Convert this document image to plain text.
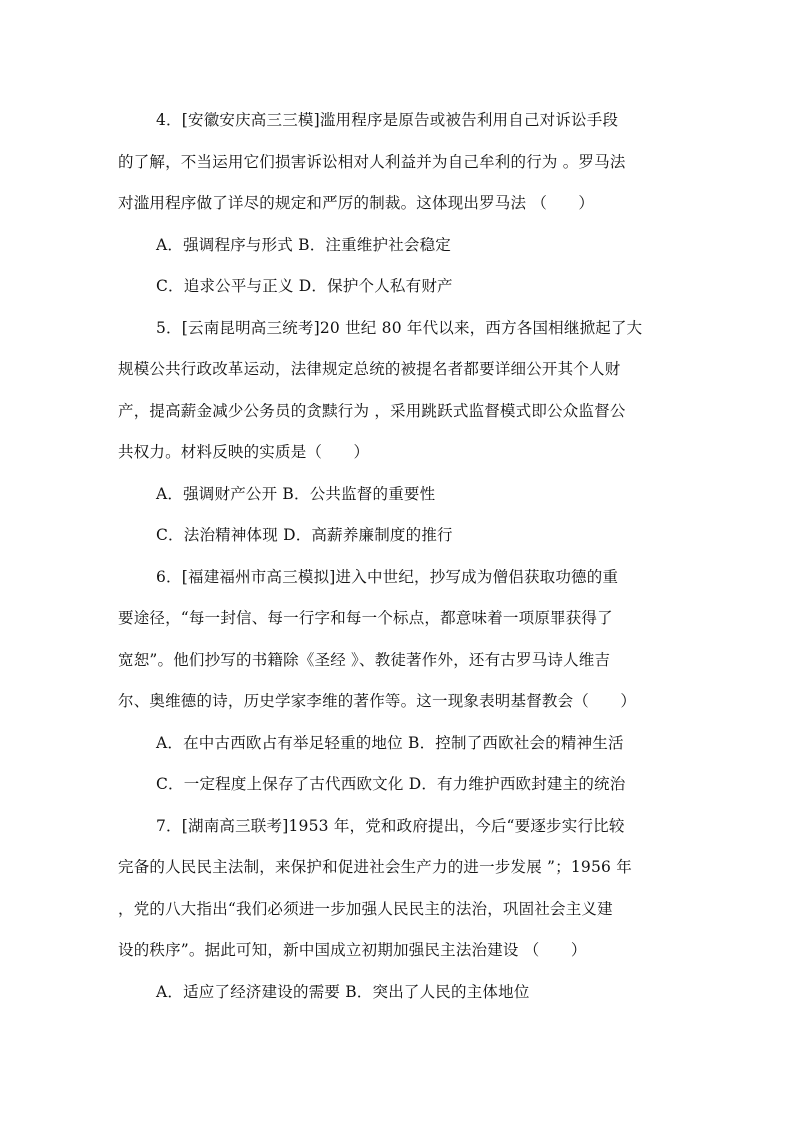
4．[安徽安庆高三三模]滥用程序是原告或被告利用自己对诉讼手段
的了解，不当运用它们损害诉讼相对人利益并为自己牟利的行为 。罗马法
对滥用程序做了详尽的规定和严厉的制裁。这体现出罗马法 （　　）
A．强调程序与形式 B．注重维护社会稳定
C．追求公平与正义 D．保护个人私有财产
5．[云南昆明高三统考]20 世纪 80 年代以来，西方各国相继掀起了大
规模公共行政改革运动，法律规定总统的被提名者都要详细公开其个人财
产，提高薪金减少公务员的贪黩行为 ，采用跳跃式监督模式即公众监督公
共权力。材料反映的实质是（　　）
A．强调财产公开 B．公共监督的重要性
C．法治精神体现 D．高薪养廉制度的推行
6．[福建福州市高三模拟]进入中世纪，抄写成为僧侣获取功德的重
要途径，“每一封信、每一行字和每一个标点，都意味着一项原罪获得了
宽恕”。他们抄写的书籍除《圣经 》、教徒著作外，还有古罗马诗人维吉
尔、奥维德的诗，历史学家李维的著作等。这一现象表明基督教会（　　）
A．在中古西欧占有举足轻重的地位 B．控制了西欧社会的精神生活
C．一定程度上保存了古代西欧文化 D．有力维护西欧封建主的统治
7．[湖南高三联考]1953 年，党和政府提出，今后“要逐步实行比较
完备的人民民主法制，来保护和促进社会生产力的进一步发展 ”；1956 年
，党的八大指出“我们必须进一步加强人民民主的法治，巩固社会主义建
设的秩序”。据此可知，新中国成立初期加强民主法治建设 （　　）
A．适应了经济建设的需要 B．突出了人民的主体地位
